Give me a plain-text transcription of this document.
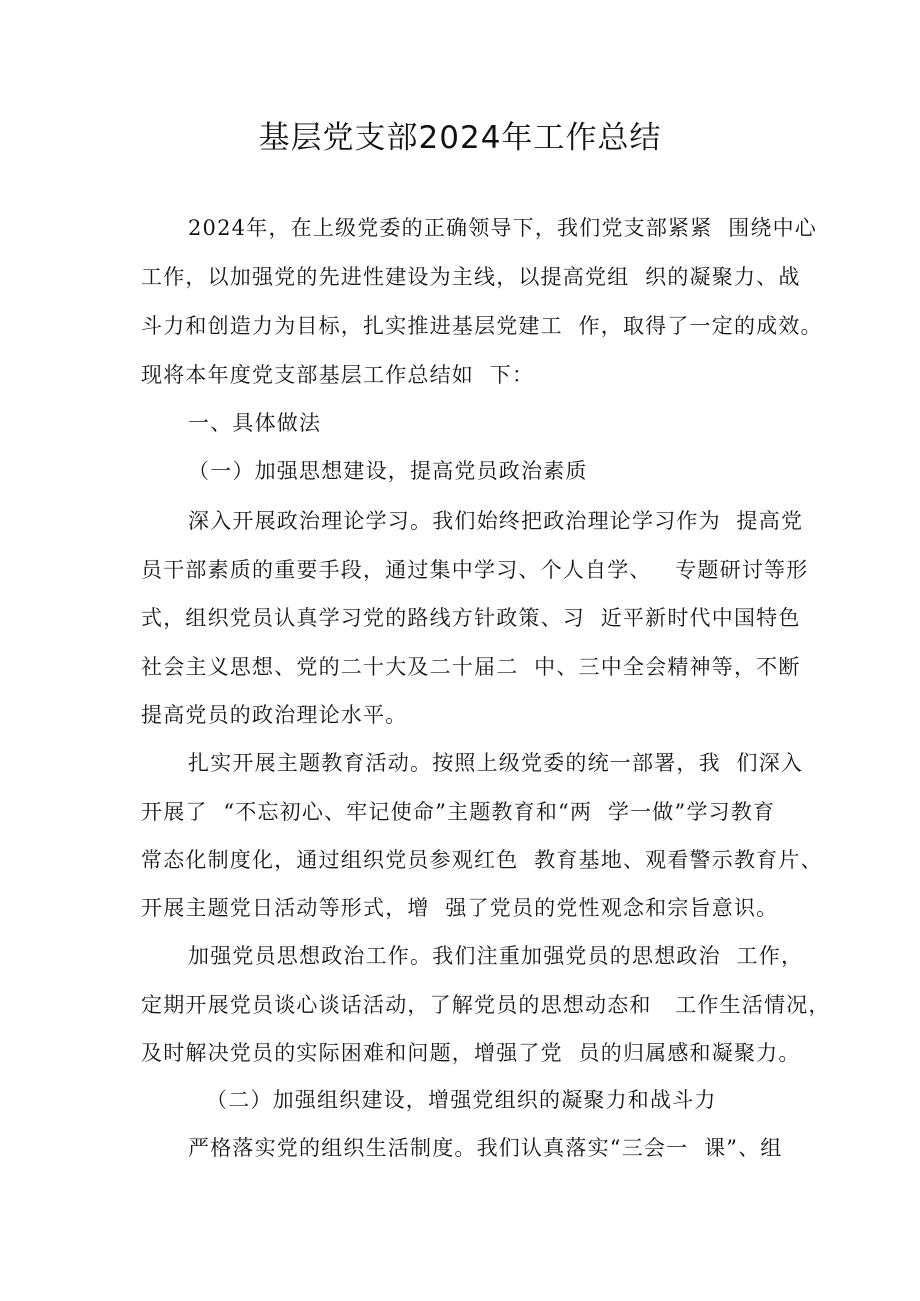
基层党支部2024年工作总结
2024年，在上级党委的正确领导下，我们党支部紧紧  围绕中心
工作，以加强党的先进性建设为主线，以提高党组  织的凝聚力、战
斗力和创造力为目标，扎实推进基层党建工  作，取得了一定的成效。
现将本年度党支部基层工作总结如  下：
一、具体做法
（一）加强思想建设，提高党员政治素质
深入开展政治理论学习。我们始终把政治理论学习作为  提高党
员干部素质的重要手段，通过集中学习、个人自学、   专题研讨等形
式，组织党员认真学习党的路线方针政策、习  近平新时代中国特色
社会主义思想、党的二十大及二十届二  中、三中全会精神等，不断
提高党员的政治理论水平。
扎实开展主题教育活动。按照上级党委的统一部署，我  们深入
开展了  “不忘初心、牢记使命”主题教育和“两  学一做”学习教育
常态化制度化，通过组织党员参观红色  教育基地、观看警示教育片、
开展主题党日活动等形式，增  强了党员的党性观念和宗旨意识。
加强党员思想政治工作。我们注重加强党员的思想政治  工作，
定期开展党员谈心谈话活动，了解党员的思想动态和   工作生活情况，
及时解决党员的实际困难和问题，增强了党  员的归属感和凝聚力。
（二）加强组织建设，增强党组织的凝聚力和战斗力
严格落实党的组织生活制度。我们认真落实“三会一  课”、组
